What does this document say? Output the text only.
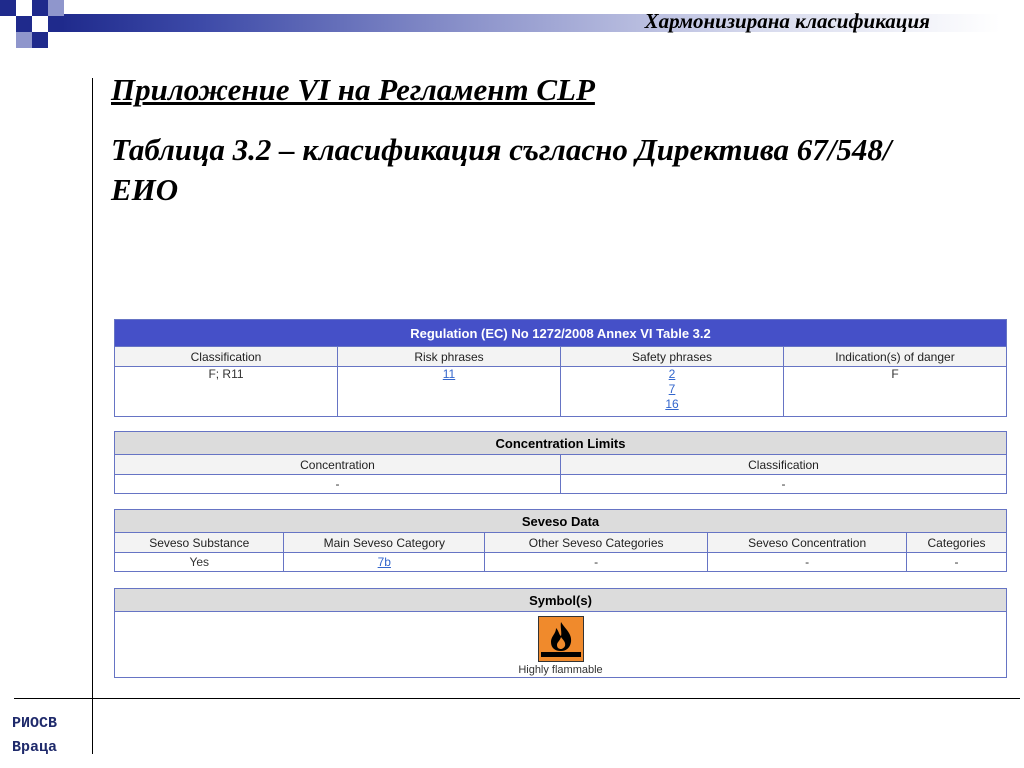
Хармонизирана класификация
Приложение VI на Регламент CLP
Таблица 3.2 – класификация съгласно Директива 67/548/ЕИО
Regulation (EC) No 1272/2008 Annex VI Table 3.2			
Classification	Risk phrases	Safety phrases	Indication(s) of danger
F; R11	11	2
7
16	F
Concentration Limits	
Concentration	Classification
-	-
Seveso Data				
Seveso Substance	Main Seveso Category	Other Seveso Categories	Seveso Concentration	Categories
Yes	7b	-	-	-
Symbol(s)

Highly flammable
РИОСВ
Враца
